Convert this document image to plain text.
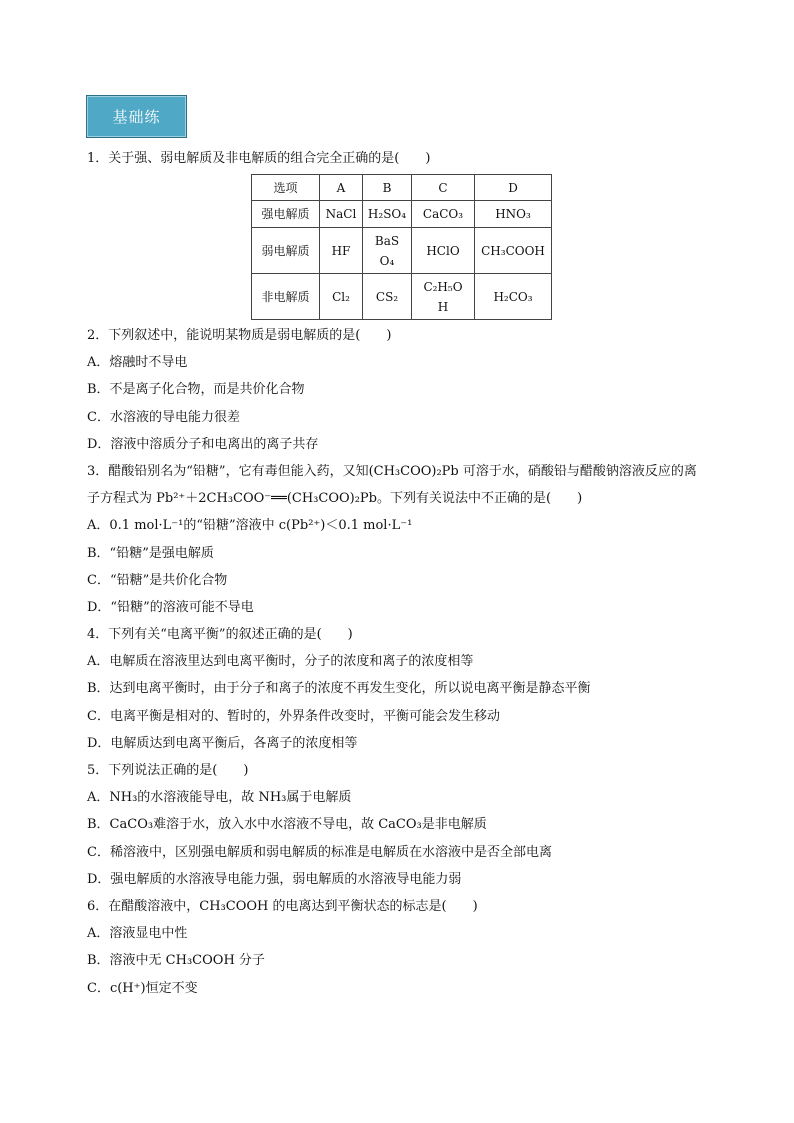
基础练
1．关于强、弱电解质及非电解质的组合完全正确的是(　　)
选项	A	B	C	D
强电解质	NaCl	H₂SO₄	CaCO₃	HNO₃
弱电解质	HF	BaSO₄	HClO	CH₃COOH
非电解质	Cl₂	CS₂	C₂H₅OH	H₂CO₃
2．下列叙述中，能说明某物质是弱电解质的是(　　)
A．熔融时不导电
B．不是离子化合物，而是共价化合物
C．水溶液的导电能力很差
D．溶液中溶质分子和电离出的离子共存
3．醋酸铅别名为“铅糖”，它有毒但能入药，又知(CH₃COO)₂Pb 可溶于水，硝酸铅与醋酸钠溶液反应的离
子方程式为 Pb²⁺＋2CH₃COO⁻══(CH₃COO)₂Pb。下列有关说法中不正确的是(　　)
A．0.1 mol·L⁻¹的“铅糖”溶液中 c(Pb²⁺)＜0.1 mol·L⁻¹
B．“铅糖”是强电解质
C．“铅糖”是共价化合物
D．“铅糖”的溶液可能不导电
4．下列有关“电离平衡”的叙述正确的是(　　)
A．电解质在溶液里达到电离平衡时，分子的浓度和离子的浓度相等
B．达到电离平衡时，由于分子和离子的浓度不再发生变化，所以说电离平衡是静态平衡
C．电离平衡是相对的、暂时的，外界条件改变时，平衡可能会发生移动
D．电解质达到电离平衡后，各离子的浓度相等
5．下列说法正确的是(　　)
A．NH₃的水溶液能导电，故 NH₃属于电解质
B．CaCO₃难溶于水，放入水中水溶液不导电，故 CaCO₃是非电解质
C．稀溶液中，区别强电解质和弱电解质的标准是电解质在水溶液中是否全部电离
D．强电解质的水溶液导电能力强，弱电解质的水溶液导电能力弱
6．在醋酸溶液中，CH₃COOH 的电离达到平衡状态的标志是(　　)
A．溶液显电中性
B．溶液中无 CH₃COOH 分子
C．c(H⁺)恒定不变
